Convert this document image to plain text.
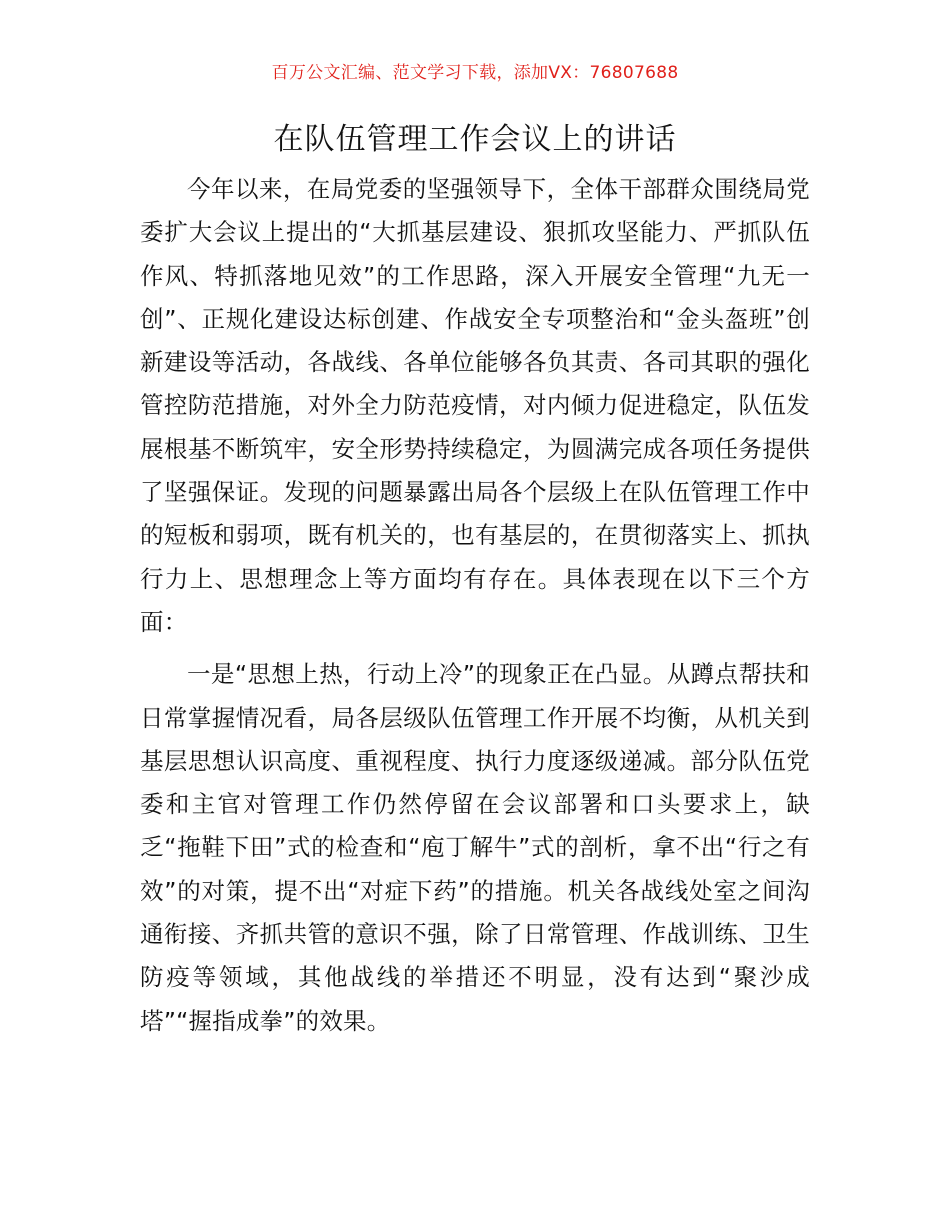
百万公文汇编、范文学习下载，添加VX：76807688
在队伍管理工作会议上的讲话

今年以来，在局党委的坚强领导下，全体干部群众围绕局党委扩大会议上提出的“大抓基层建设、狠抓攻坚能力、严抓队伍作风、特抓落地见效”的工作思路，深入开展安全管理“九无一创”、正规化建设达标创建、作战安全专项整治和“金头盔班”创新建设等活动，各战线、各单位能够各负其责、各司其职的强化管控防范措施，对外全力防范疫情，对内倾力促进稳定，队伍发展根基不断筑牢，安全形势持续稳定，为圆满完成各项任务提供了坚强保证。发现的问题暴露出局各个层级上在队伍管理工作中的短板和弱项，既有机关的，也有基层的，在贯彻落实上、抓执行力上、思想理念上等方面均有存在。具体表现在以下三个方面：

一是“思想上热，行动上冷”的现象正在凸显。从蹲点帮扶和日常掌握情况看，局各层级队伍管理工作开展不均衡，从机关到基层思想认识高度、重视程度、执行力度逐级递减。部分队伍党委和主官对管理工作仍然停留在会议部署和口头要求上，缺乏“拖鞋下田”式的检查和“庖丁解牛”式的剖析，拿不出“行之有效”的对策，提不出“对症下药”的措施。机关各战线处室之间沟通衔接、齐抓共管的意识不强，除了日常管理、作战训练、卫生防疫等领域，其他战线的举措还不明显，没有达到“聚沙成塔”“握指成拳”的效果。
